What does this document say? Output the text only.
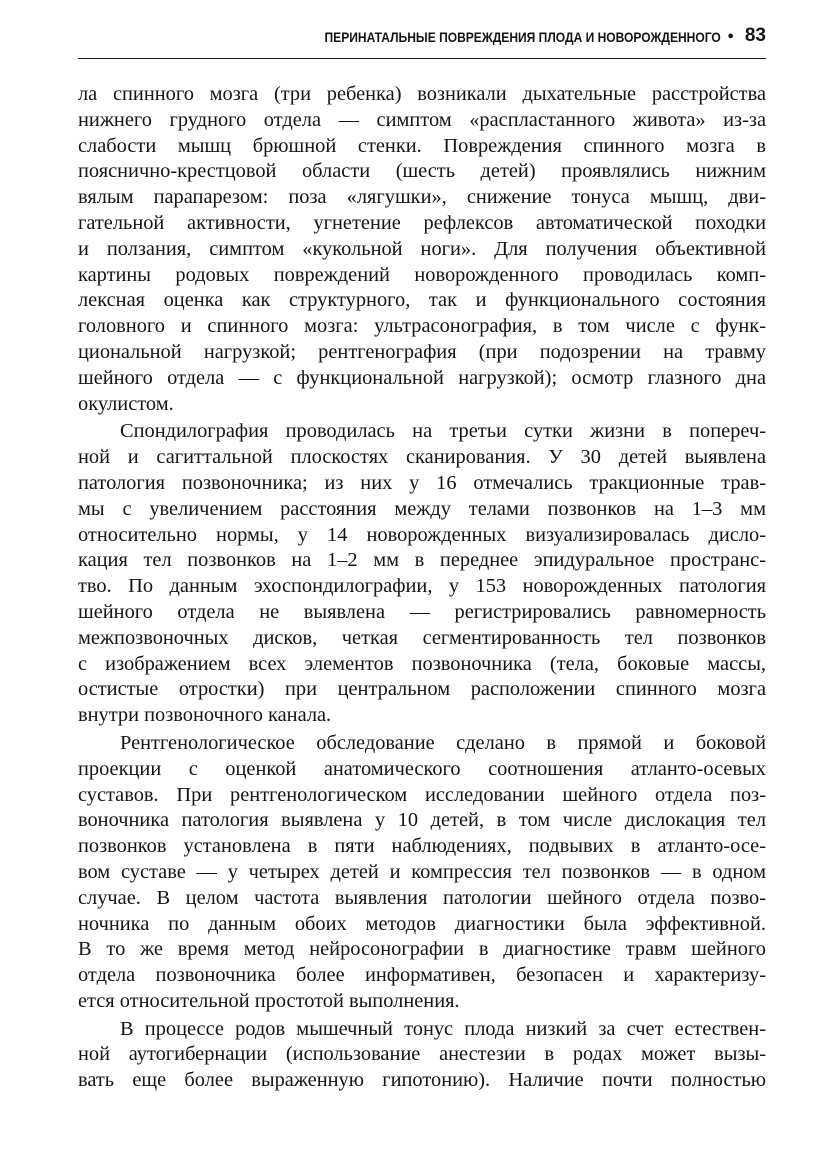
ПЕРИНАТАЛЬНЫЕ ПОВРЕЖДЕНИЯ ПЛОДА И НОВОРОЖДЕННОГО • 83
ла спинного мозга (три ребенка) возникали дыхательные расстройства
нижнего грудного отдела — симптом «распластанного живота» из-за
слабости мышц брюшной стенки. Повреждения спинного мозга в
пояснично-крестцовой области (шесть детей) проявлялись нижним
вялым парапарезом: поза «лягушки», снижение тонуса мышц, дви-
гательной активности, угнетение рефлексов автоматической походки
и ползания, симптом «кукольной ноги». Для получения объективной
картины родовых повреждений новорожденного проводилась комп-
лексная оценка как структурного, так и функционального состояния
головного и спинного мозга: ультрасонография, в том числе с функ-
циональной нагрузкой; рентгенография (при подозрении на травму
шейного отдела — с функциональной нагрузкой); осмотр глазного дна
окулистом.
Спондилография проводилась на третьи сутки жизни в попереч-
ной и сагиттальной плоскостях сканирования. У 30 детей выявлена
патология позвоночника; из них у 16 отмечались тракционные трав-
мы с увеличением расстояния между телами позвонков на 1–3 мм
относительно нормы, у 14 новорожденных визуализировалась дисло-
кация тел позвонков на 1–2 мм в переднее эпидуральное пространс-
тво. По данным эхоспондилографии, у 153 новорожденных патология
шейного отдела не выявлена — регистрировались равномерность
межпозвоночных дисков, четкая сегментированность тел позвонков
с изображением всех элементов позвоночника (тела, боковые массы,
остистые отростки) при центральном расположении спинного мозга
внутри позвоночного канала.
Рентгенологическое обследование сделано в прямой и боковой
проекции с оценкой анатомического соотношения атланто-осевых
суставов. При рентгенологическом исследовании шейного отдела поз-
воночника патология выявлена у 10 детей, в том числе дислокация тел
позвонков установлена в пяти наблюдениях, подвывих в атланто-осе-
вом суставе — у четырех детей и компрессия тел позвонков — в одном
случае. В целом частота выявления патологии шейного отдела позво-
ночника по данным обоих методов диагностики была эффективной.
В то же время метод нейросонографии в диагностике травм шейного
отдела позвоночника более информативен, безопасен и характеризу-
ется относительной простотой выполнения.
В процессе родов мышечный тонус плода низкий за счет естествен-
ной аутогибернации (использование анестезии в родах может вызы-
вать еще более выраженную гипотонию). Наличие почти полностью
